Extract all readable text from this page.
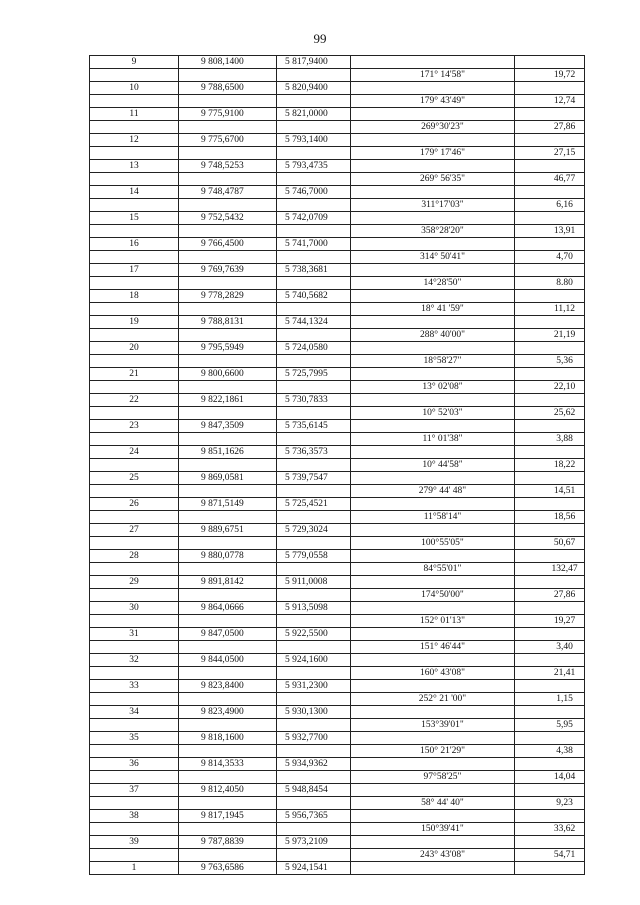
99
9	9 808,1400	5 817,9400		
			171° 14'58"	19,72
10	9 788,6500	5 820,9400		
			179° 43'49"	12,74
11	9 775,9100	5 821,0000		
			269°30'23"	27,86
12	9 775,6700	5 793,1400		
			179° 17'46"	27,15
13	9 748,5253	5 793,4735		
			269° 56'35"	46,77
14	9 748,4787	5 746,7000		
			311°17'03"	6,16
15	9 752,5432	5 742,0709		
			358°28'20"	13,91
16	9 766,4500	5 741,7000		
			314° 50'41"	4,70
17	9 769,7639	5 738,3681		
			14°28'50"	8.80
18	9 778,2829	5 740,5682		
			18° 41 '59"	11,12
19	9 788,8131	5 744,1324		
			288° 40'00"	21,19
20	9 795,5949	5 724,0580		
			18°58'27"	5,36
21	9 800,6600	5 725,7995		
			13° 02'08"	22,10
22	9 822,1861	5 730,7833		
			10° 52'03"	25,62
23	9 847,3509	5 735,6145		
			11° 01'38"	3,88
24	9 851,1626	5 736,3573		
			10° 44'58"	18,22
25	9 869,0581	5 739,7547		
			279° 44' 48"	14,51
26	9 871,5149	5 725,4521		
			11°58'14"	18,56
27	9 889,6751	5 729,3024		
			100°55'05"	50,67
28	9 880,0778	5 779,0558		
			84°55'01"	132,47
29	9 891,8142	5 911,0008		
			174°50'00"	27,86
30	9 864,0666	5 913,5098		
			152° 01'13"	19,27
31	9 847,0500	5 922,5500		
			151° 46'44"	3,40
32	9 844,0500	5 924,1600		
			160° 43'08"	21,41
33	9 823,8400	5 931,2300		
			252° 21 '00"	1,15
34	9 823,4900	5 930,1300		
			153°39'01"	5,95
35	9 818,1600	5 932,7700		
			150° 21'29"	4,38
36	9 814,3533	5 934,9362		
			97°58'25"	14,04
37	9 812,4050	5 948,8454		
			58° 44' 40"	9,23
38	9 817,1945	5 956,7365		
			150°39'41"	33,62
39	9 787,8839	5 973,2109		
			243° 43'08"	54,71
1	9 763,6586	5 924,1541		
